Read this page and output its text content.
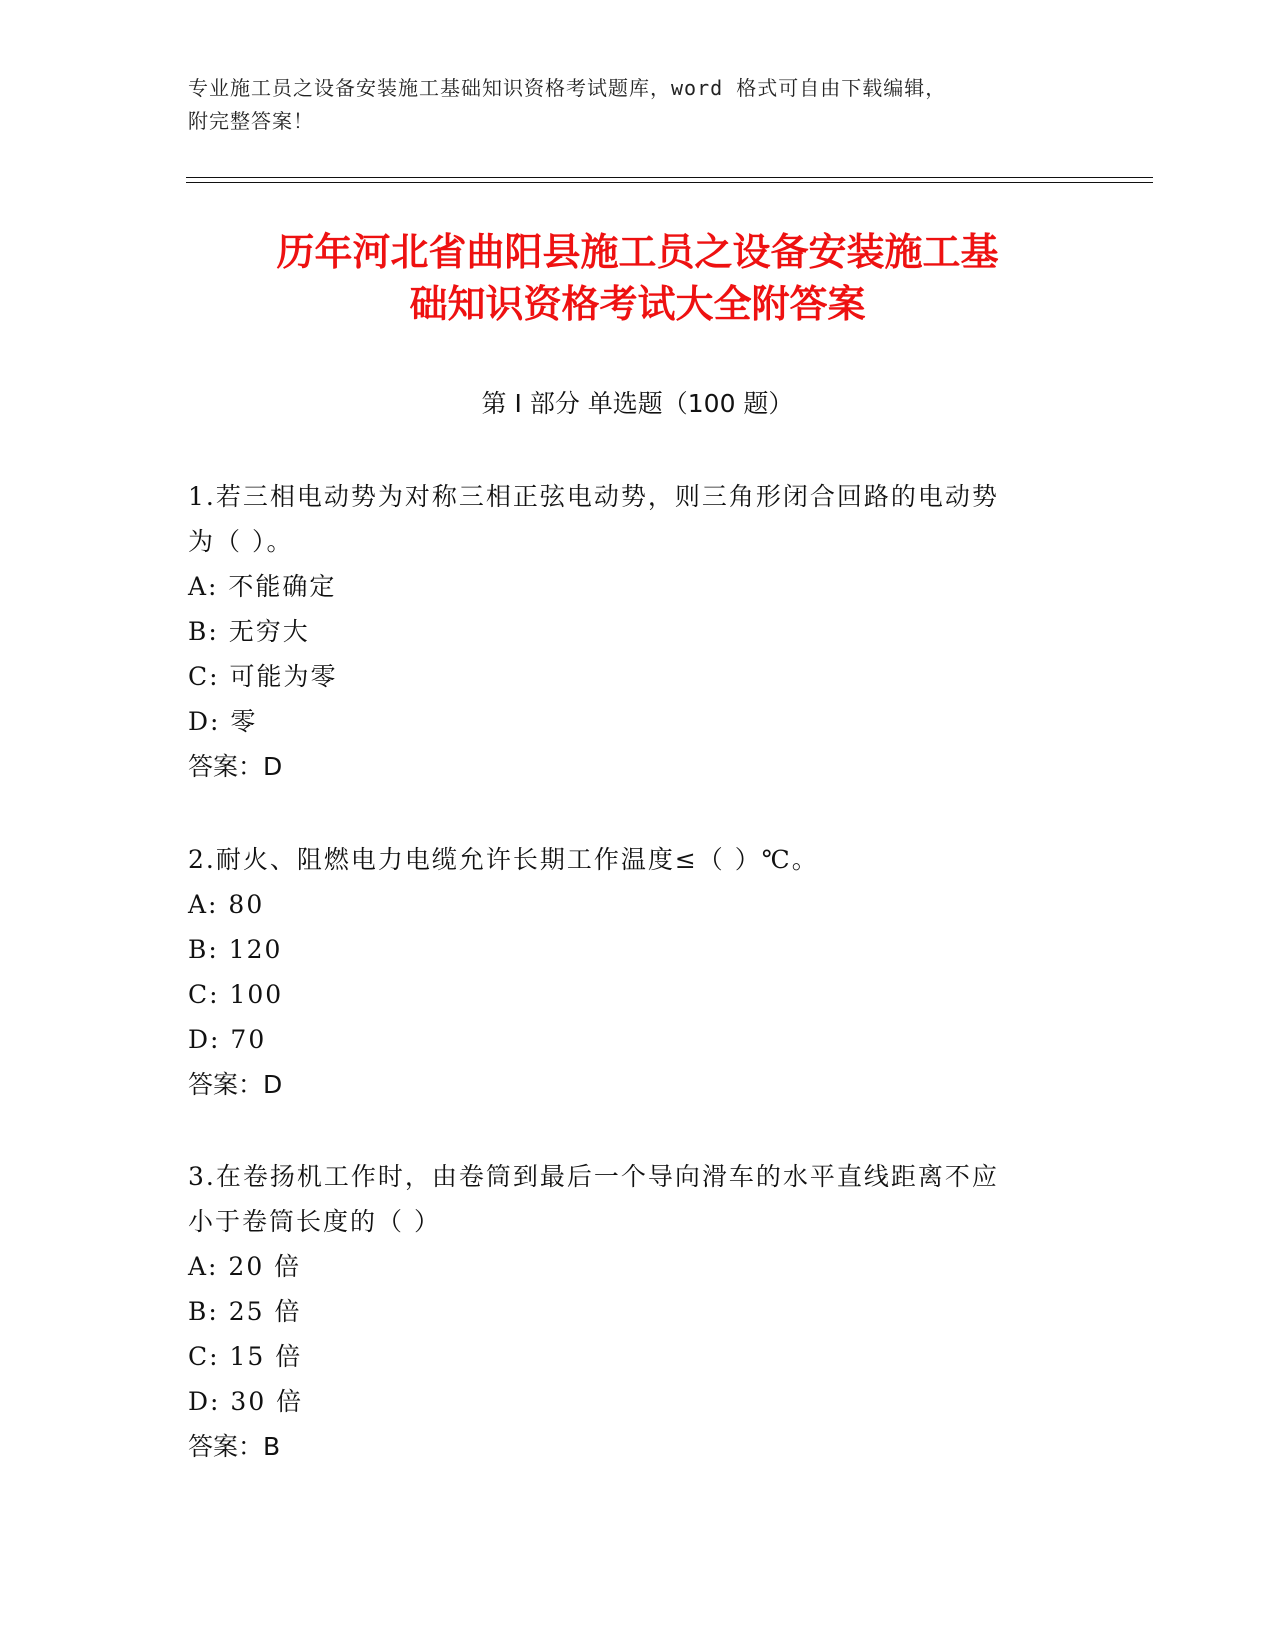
专业施工员之设备安装施工基础知识资格考试题库，word 格式可自由下载编辑，
附完整答案！
历年河北省曲阳县施工员之设备安装施工基
础知识资格考试大全附答案
第 I 部分 单选题（100 题）

1.若三相电动势为对称三相正弦电动势，则三角形闭合回路的电动势

为（ ）。

A: 不能确定

B: 无穷大

C: 可能为零

D: 零

答案：D

2.耐火、阻燃电力电缆允许长期工作温度≤（ ）℃。

A: 80

B: 120

C: 100

D: 70

答案：D

3.在卷扬机工作时，由卷筒到最后一个导向滑车的水平直线距离不应

小于卷筒长度的（ ）

A: 20 倍

B: 25 倍

C: 15 倍

D: 30 倍

答案：B
